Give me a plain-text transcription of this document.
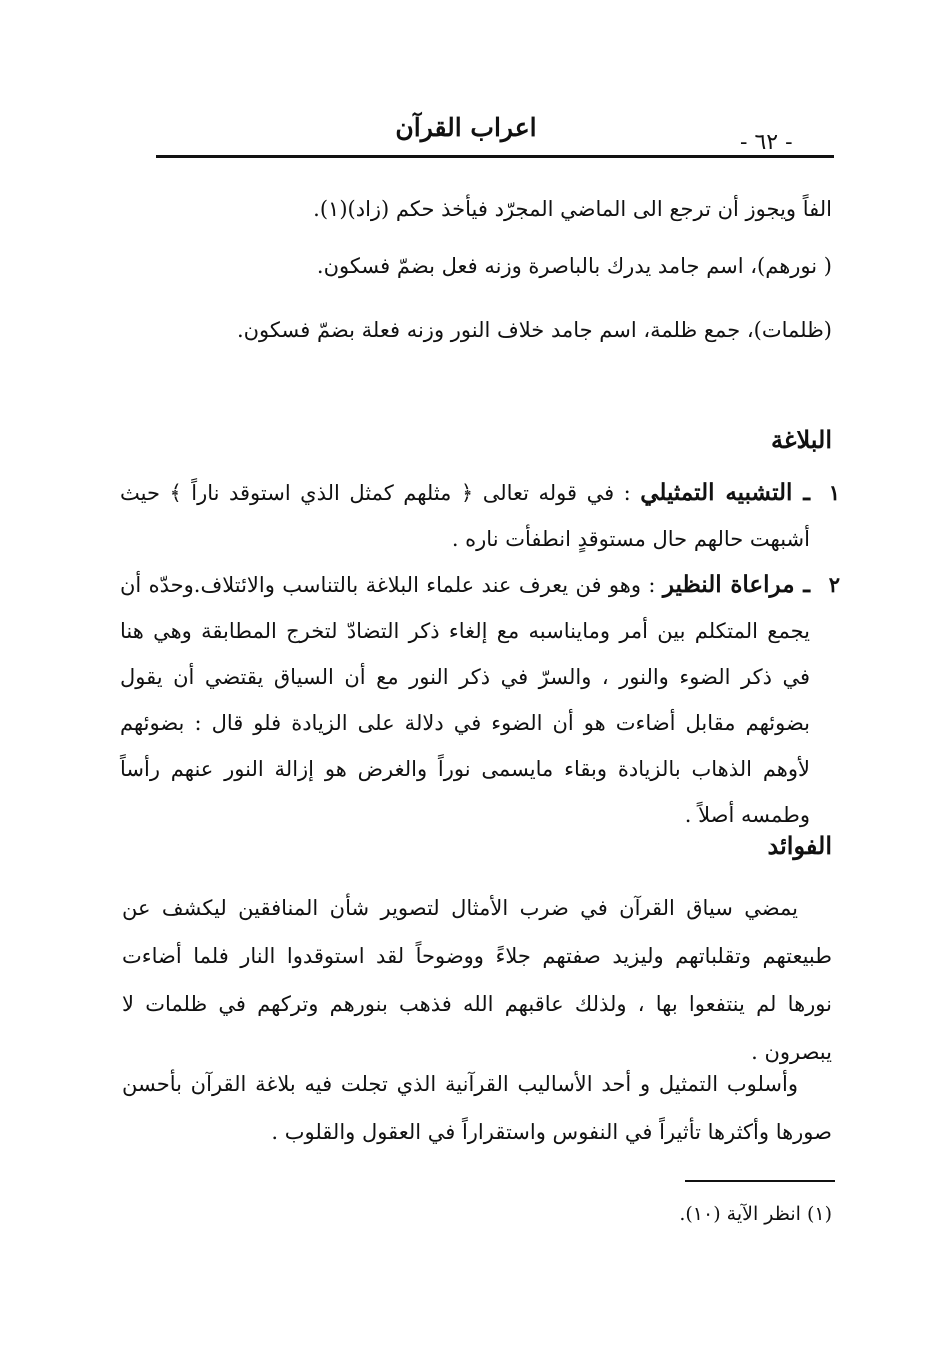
اعراب القرآن
- ٦٢ -

الفاً ويجوز أن ترجع الى الماضي المجرّد فيأخذ حكم (زاد)(١).

( نورهم)، اسم جامد يدرك بالباصرة وزنه فعل بضمّ فسكون.

(ظلمات)، جمع ظلمة، اسم جامد خلاف النور وزنه فعلة بضمّ فسكون.

البلاغة
١
ـ التشبيه التمثيلي : في قوله تعالى ﴿ مثلهم كمثل الذي استوقد ناراً ﴾ حيث أشبهت حالهم حال مستوقدٍ انطفأت ناره .
٢
ـ مراعاة النظير : وهو فن يعرف عند علماء البلاغة بالتناسب والائتلاف.وحدّه أن يجمع المتكلم بين أمر ومايناسبه مع إلغاء ذكر التضادّ لتخرج المطابقة وهي هنا في ذكر الضوء والنور ، والسرّ في ذكر النور مع أن السياق يقتضي أن يقول بضوئهم مقابل أضاءت هو أن الضوء في دلالة على الزيادة فلو قال : بضوئهم لأوهم الذهاب بالزيادة وبقاء مايسمى نوراً والغرض هو إزالة النور عنهم رأساً وطمسه أصلاً .
الفوائد

يمضي سياق القرآن في ضرب الأمثال لتصوير شأن المنافقين ليكشف عن طبيعتهم وتقلباتهم وليزيد صفتهم جلاءً ووضوحاً لقد استوقدوا النار فلما أضاءت نورها لم ينتفعوا بها ، ولذلك عاقبهم الله فذهب بنورهم وتركهم في ظلمات لا يبصرون .

وأسلوب التمثيل و أحد الأساليب القرآنية الذي تجلت فيه بلاغة القرآن بأحسن صورها وأكثرها تأثيراً في النفوس واستقراراً في العقول والقلوب .

(١) انظر الآية (١٠).
